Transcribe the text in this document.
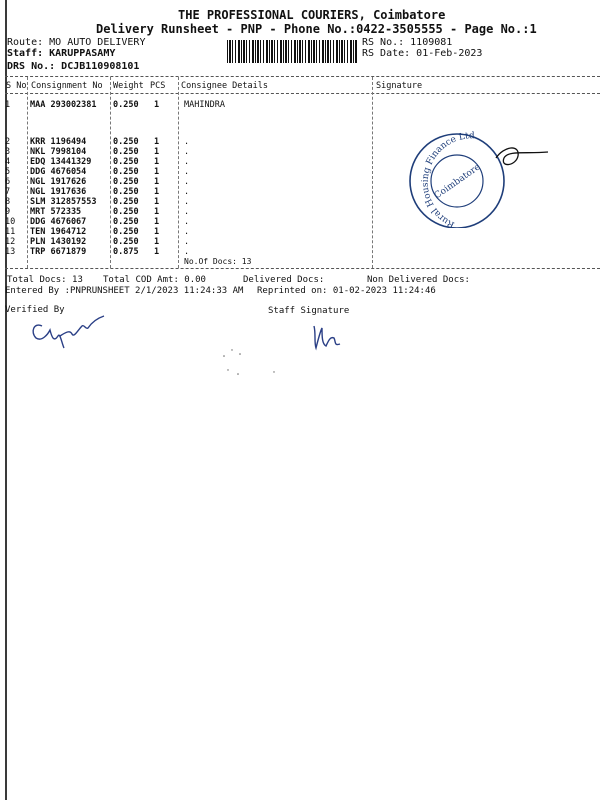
THE PROFESSIONAL COURIERS, Coimbatore
Delivery Runsheet - PNP - Phone No.:0422-3505555 - Page No.:1
Route: MO AUTO DELIVERY
Staff: KARUPPASAMY
DRS No.: DCJB110908101
RS No.: 1109081
RS Date: 01-Feb-2023
S No Consignment No Weight PCS Consignee Details	Signature
1 MAA 293002381 0.250 1	MAHINDRA
2 KRR 1196494	0.250 1	.
3 NKL 7998104	0.250 1	.
4 EDQ 13441329	0.250 1	.
5 DDG 4676054	0.250 1	.
6 NGL 1917626	0.250 1	.
7 NGL 1917636	0.250 1	.
8 SLM 312857553 0.250 1	.
9 MRT 572335	0.250 1	.
10 DDG 4676067	0.250 1	.
11 TEN 1964712	0.250 1	.
12 PLN 1430192	0.250 1	.
13 TRP 6671879	0.875 1	.
No.Of Docs: 13
Rural Housing Finance Ltd
Coimbatore
Total Docs: 13 Total COD Amt: 0.00	Delivered Docs:	Non Delivered Docs:
Entered By :PNPRUNSHEET 2/1/2023 11:24:33 AM Reprinted on: 01-02-2023 11:24:46
Verified By	Staff Signature
